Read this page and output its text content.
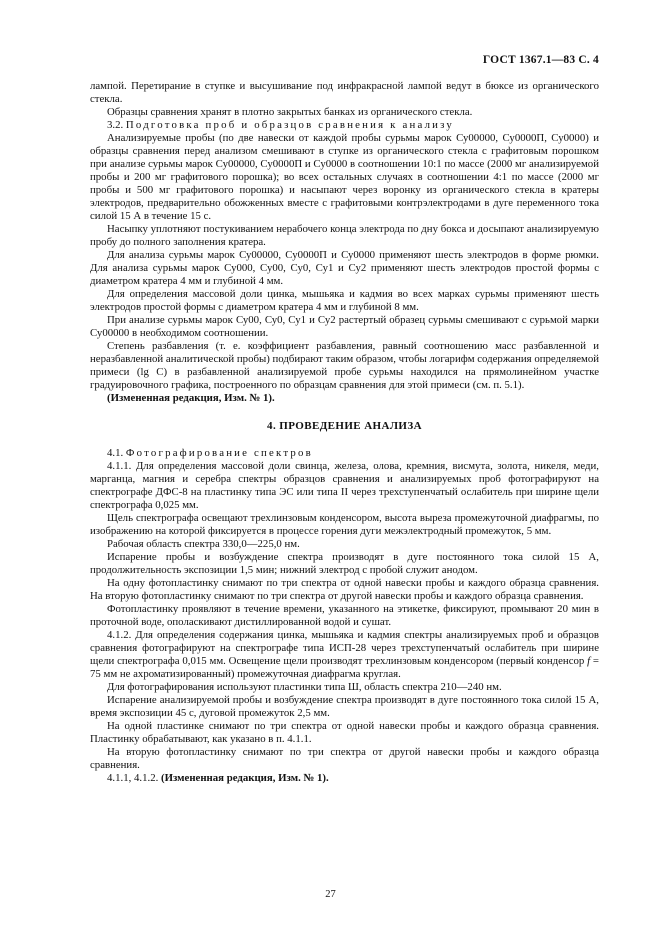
ГОСТ 1367.1—83 С. 4

лампой. Перетирание в ступке и высушивание под инфракрасной лампой ведут в бюксе из органического стекла.

Образцы сравнения хранят в плотно закрытых банках из органического стекла.

3.2. Подготовка проб и образцов сравнения к анализу

Анализируемые пробы (по две навески от каждой пробы сурьмы марок Су00000, Су0000П, Су0000) и образцы сравнения перед анализом смешивают в ступке из органического стекла с графитовым порошком при анализе сурьмы марок Су00000, Су0000П и Су0000 в соотношении 10:1 по массе (2000 мг анализируемой пробы и 200 мг графитового порошка); во всех остальных случаях в соотношении 4:1 по массе (2000 мг пробы и 500 мг графитового порошка) и насыпают через воронку из органического стекла в кратеры электродов, предварительно обожженных вместе с графитовыми контрэлектродами в дуге переменного тока силой 15 А в течение 15 с.

Насыпку уплотняют постукиванием нерабочего конца электрода по дну бокса и досыпают анализируемую пробу до полного заполнения кратера.

Для анализа сурьмы марок Су00000, Су0000П и Су0000 применяют шесть электродов в форме рюмки. Для анализа сурьмы марок Су000, Су00, Су0, Су1 и Су2 применяют шесть электродов простой формы с диаметром кратера 4 мм и глубиной 4 мм.

Для определения массовой доли цинка, мышьяка и кадмия во всех марках сурьмы применяют шесть электродов простой формы с диаметром кратера 4 мм и глубиной 8 мм.

При анализе сурьмы марок Су00, Су0, Су1 и Су2 растертый образец сурьмы смешивают с сурьмой марки Су00000 в необходимом соотношении.

Степень разбавления (т. е. коэффициент разбавления, равный соотношению масс разбавленной и неразбавленной аналитической пробы) подбирают таким образом, чтобы логарифм содержания определяемой примеси (lg C) в разбавленной анализируемой пробе сурьмы находился на прямолинейном участке градуировочного графика, построенного по образцам сравнения для этой примеси (см. п. 5.1).

(Измененная редакция, Изм. № 1).

4. ПРОВЕДЕНИЕ АНАЛИЗА

4.1. Фотографирование спектров

4.1.1. Для определения массовой доли свинца, железа, олова, кремния, висмута, золота, никеля, меди, марганца, магния и серебра спектры образцов сравнения и анализируемых проб фотографируют на спектрографе ДФС-8 на пластинку типа ЭС или типа II через трехступенчатый ослабитель при ширине щели спектрографа 0,025 мм.

Щель спектрографа освещают трехлинзовым конденсором, высота выреза промежуточной диафрагмы, по изображению на которой фиксируется в процессе горения дуги межэлектродный промежуток, 5 мм.

Рабочая область спектра 330,0—225,0 нм.

Испарение пробы и возбуждение спектра производят в дуге постоянного тока силой 15 А, продолжительность экспозиции 1,5 мин; нижний электрод с пробой служит анодом.

На одну фотопластинку снимают по три спектра от одной навески пробы и каждого образца сравнения. На вторую фотопластинку снимают по три спектра от другой навески пробы и каждого образца сравнения.

Фотопластинку проявляют в течение времени, указанного на этикетке, фиксируют, промывают 20 мин в проточной воде, ополаскивают дистиллированной водой и сушат.

4.1.2. Для определения содержания цинка, мышьяка и кадмия спектры анализируемых проб и образцов сравнения фотографируют на спектрографе типа ИСП-28 через трехступенчатый ослабитель при ширине щели спектрографа 0,015 мм. Освещение щели производят трехлинзовым конденсором (первый конденсор f = 75 мм не ахроматизированный) промежуточная диафрагма круглая.

Для фотографирования используют пластинки типа Ш, область спектра 210—240 нм.

Испарение анализируемой пробы и возбуждение спектра производят в дуге постоянного тока силой 15 А, время экспозиции 45 с, дуговой промежуток 2,5 мм.

На одной пластинке снимают по три спектра от одной навески пробы и каждого образца сравнения. Пластинку обрабатывают, как указано в п. 4.1.1.

На вторую фотопластинку снимают по три спектра от другой навески пробы и каждого образца сравнения.

4.1.1, 4.1.2. (Измененная редакция, Изм. № 1).

27
